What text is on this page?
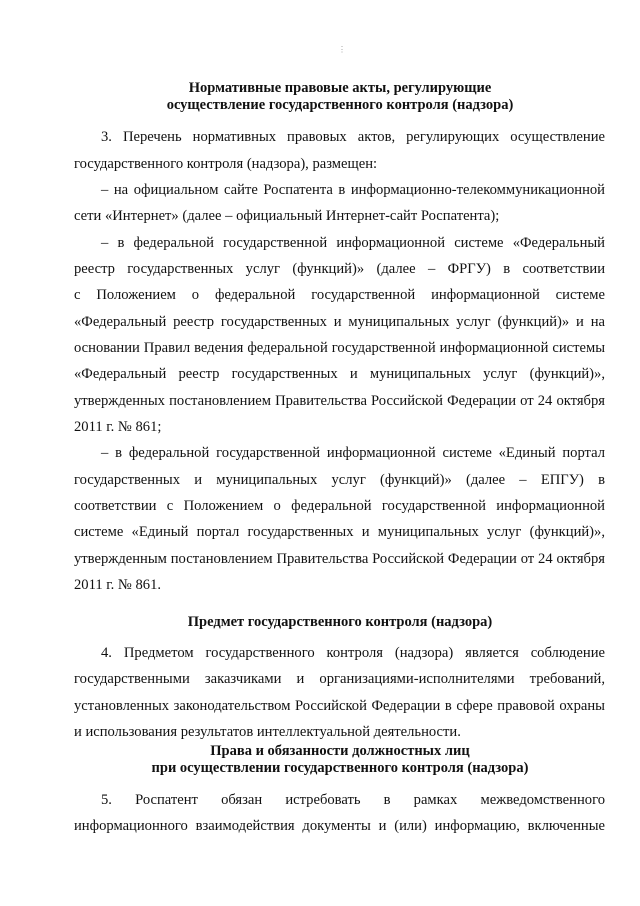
⋮
Нормативные правовые акты, регулирующие
осуществление государственного контроля (надзора)
3. Перечень нормативных правовых актов, регулирующих осуществление
государственного контроля (надзора), размещен:
– на официальном сайте Роспатента в информационно-телекоммуникационной
сети «Интернет» (далее – официальный Интернет-сайт Роспатента);
– в федеральной государственной информационной системе «Федеральный
реестр государственных услуг (функций)» (далее – ФРГУ) в соответствии
с Положением о федеральной государственной информационной системе
«Федеральный реестр государственных и муниципальных услуг (функций)» и на
основании Правил ведения федеральной государственной информационной системы
«Федеральный реестр государственных и муниципальных услуг (функций)»,
утвержденных постановлением Правительства Российской Федерации от 24 октября
2011 г. № 861;
– в федеральной государственной информационной системе «Единый портал
государственных и муниципальных услуг (функций)» (далее – ЕПГУ) в
соответствии с Положением о федеральной государственной информационной
системе «Единый портал государственных и муниципальных услуг (функций)»,
утвержденным постановлением Правительства Российской Федерации от 24 октября
2011 г. № 861.
Предмет государственного контроля (надзора)
4. Предметом государственного контроля (надзора) является соблюдение
государственными заказчиками и организациями-исполнителями требований,
установленных законодательством Российской Федерации в сфере правовой охраны
и использования результатов интеллектуальной деятельности.
Права и обязанности должностных лиц
при осуществлении государственного контроля (надзора)
5. Роспатент обязан истребовать в рамках межведомственного
информационного взаимодействия документы и (или) информацию, включенные
